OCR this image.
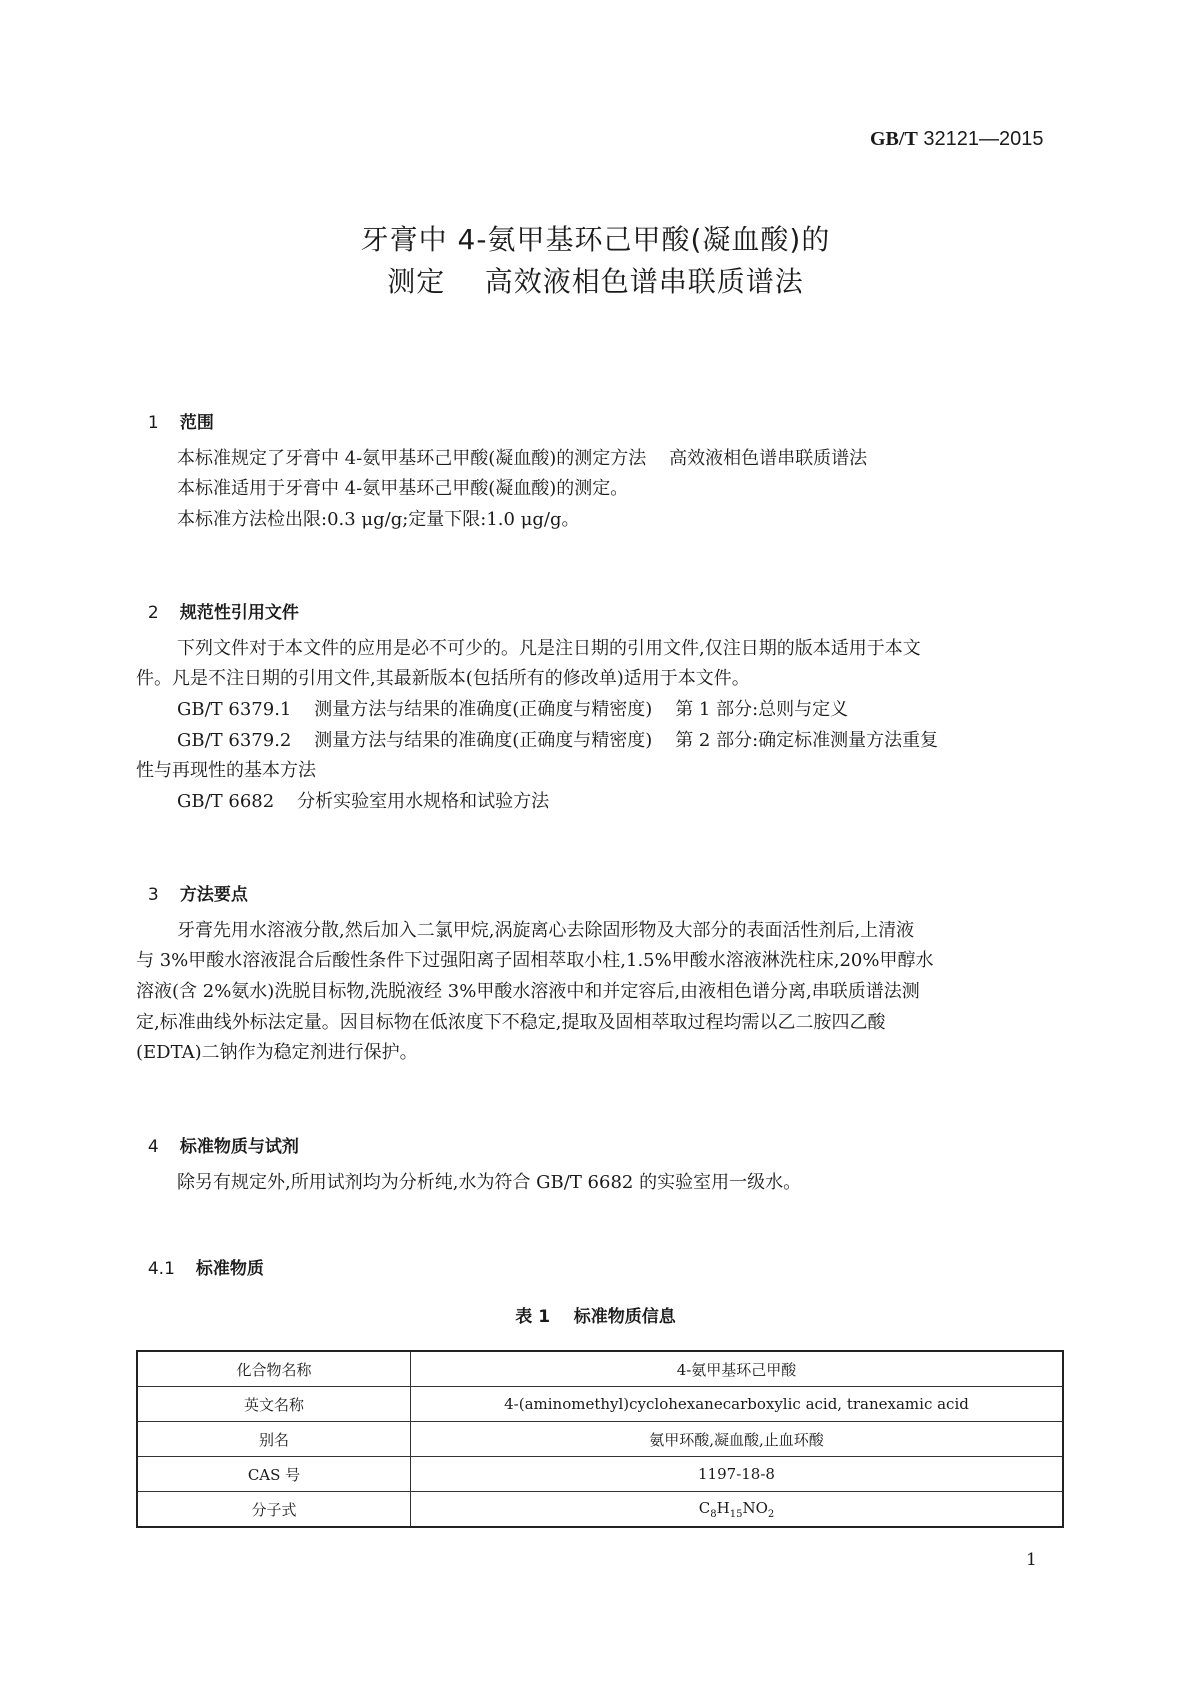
GB/T 32121—2015
牙膏中 4-氨甲基环己甲酸(凝血酸)的
测定    高效液相色谱串联质谱法

1 范围

本标准规定了牙膏中 4-氨甲基环己甲酸(凝血酸)的测定方法    高效液相色谱串联质谱法
本标准适用于牙膏中 4-氨甲基环己甲酸(凝血酸)的测定。
本标准方法检出限:0.3 μg/g;定量下限:1.0 μg/g。

2 规范性引用文件

下列文件对于本文件的应用是必不可少的。凡是注日期的引用文件,仅注日期的版本适用于本文
件。凡是不注日期的引用文件,其最新版本(包括所有的修改单)适用于本文件。
GB/T 6379.1    测量方法与结果的准确度(正确度与精密度)    第 1 部分:总则与定义
GB/T 6379.2    测量方法与结果的准确度(正确度与精密度)    第 2 部分:确定标准测量方法重复
性与再现性的基本方法
GB/T 6682    分析实验室用水规格和试验方法

3 方法要点

牙膏先用水溶液分散,然后加入二氯甲烷,涡旋离心去除固形物及大部分的表面活性剂后,上清液
与 3%甲酸水溶液混合后酸性条件下过强阳离子固相萃取小柱,1.5%甲酸水溶液淋洗柱床,20%甲醇水
溶液(含 2%氨水)洗脱目标物,洗脱液经 3%甲酸水溶液中和并定容后,由液相色谱分离,串联质谱法测
定,标准曲线外标法定量。因目标物在低浓度下不稳定,提取及固相萃取过程均需以乙二胺四乙酸
(EDTA)二钠作为稳定剂进行保护。

4 标准物质与试剂

除另有规定外,所用试剂均为分析纯,水为符合 GB/T 6682 的实验室用一级水。

4.1 标准物质

表 1    标准物质信息
化合物名称	4-氨甲基环己甲酸
英文名称	4-(aminomethyl)cyclohexanecarboxylic acid, tranexamic acid
别名	氨甲环酸,凝血酸,止血环酸
CAS 号	1197-18-8
分子式	$C_8H_{15}NO_2$
1
